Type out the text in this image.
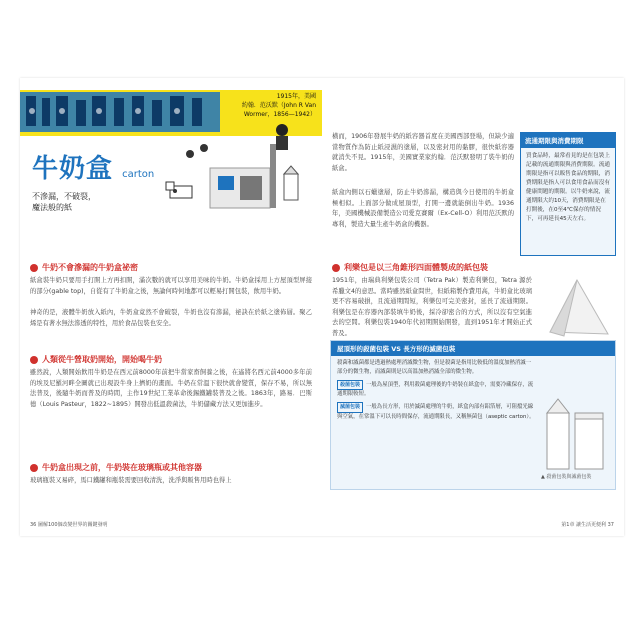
1915年，美國
約翰．范沃默（John R Van Wormer，1856—1942）
牛奶盒 carton
不滲漏，不破裂，
魔法般的紙
牛奶不會滲漏的牛奶盒祕密
紙盒裝牛奶只要用手打開上方再扣開，滿次數的就可以享用美味的牛奶。牛奶盒採用上方屋頂型屏接的部分(gable top)，自從有了牛奶盒之後，無論何時何地都可以輕易打開包裝，飲用牛奶。
神奇的是，液體牛奶放入紙內，牛奶盒竟然不會破裂，牛奶也沒有滲漏，祕訣在於紙之塗佈層。聚乙烯是有著水無法滲透的特性，用於食品包裝也安全。
人類從牛營取奶開始，開始喝牛奶
雖然說，人類開始飲用牛奶是在西元前8000年前把牛當家畜飼養之後，在遙將名西元前4000多年前的埃及尼羅河畔全圖就已出現設牛身上擠奶的畫面。牛奶在常溫下很快就會變質，保存不易，所以無法普及，後隨牛奶而普及的時間，主作19世紀工業革命後錫鐵罐裝普及之後。1863年，路易．巴斯德（Louis Pasteur，1822~1895）開發出低溫殺菌法，牛奶儲藏方法又更加進步。
牛奶盒出現之前，牛奶裝在玻璃瓶或其他容器
玻璃瓶裝又易碎，馬口鐵罐和瓶裝需要回收清洗，洗淨與販售用時也得上
36 圖解100個改變世界的關鍵發明
橫而，1906年發展牛奶的紙容器首度在美國西部登場，但缺少適當物質作為防止紙浸濕的塗層，以及密封用的黏膠，很快紙容器就消失不見。1915年，美國實業家約翰．范沃默發明了裝牛奶的紙盒。
紙盒內側以石蠟塗層，防止牛奶滲漏，構造與今日使用的牛奶盒極相似。上面部分做成屋頂型，打開一邊就能倒出牛奶。1936年，美國機械設備製造公司愛克賽爾（Ex-Cell-O）利用范沃默的專利，製造大量生產牛奶盒的機器。
流通期限與消費期限
買食品時，最常看見的是在包裝上記載的流通期限與消費期限。流通期限是指可以販售食品的期限，消費期限是指人可以食用食品而沒有健康問題的期限。以牛奶來說，流通期限大約10天，消費期限是在打開後，在0至4℃保存的情況下，可再延長45天左右。
利樂包是以三角錐形四面體製成的紙包裝
1951年，由瑞典利樂包裝公司（Tetra Pak）製造利樂包，Tetra 源於希臘文4的意思。當時雖然紙盒問世，但紙箱製作費用高，牛奶盒比玻璃更不容易破損，且流通期間短，利樂包可完美密封，延長了流通期限。利樂包是在容器內部裝填牛奶後，採冷卻密合的方式，所以沒有空氣進去的空間。利樂包裝1940年代初期開始開發，直到1951年才開始正式普及。
屋頂形的殺菌包裝 VS 長方形的滅菌包裝
殺菌和滅菌都是透過熱處理消滅微生物，但是殺菌是指用比較低的溫度加熱消滅一部分的微生物，而滅菌則是以高溫加熱消滅全部的微生物。
殺菌包裝 一般為屋頂型，利用殺菌處理後的牛奶裝在紙盒中，需要冷藏保存，流通期限較短。
滅菌包裝 一般為長方形，用於滅菌處理的牛奶，紙盒內部有鋁箔層，可阻擋光線與空氣，在常溫下可以長時間保存，流通期限長，又稱無菌包（aseptic carton）。
▲ 殺菌包裝與滅菌包裝
第1章 讓生活更便利 37
